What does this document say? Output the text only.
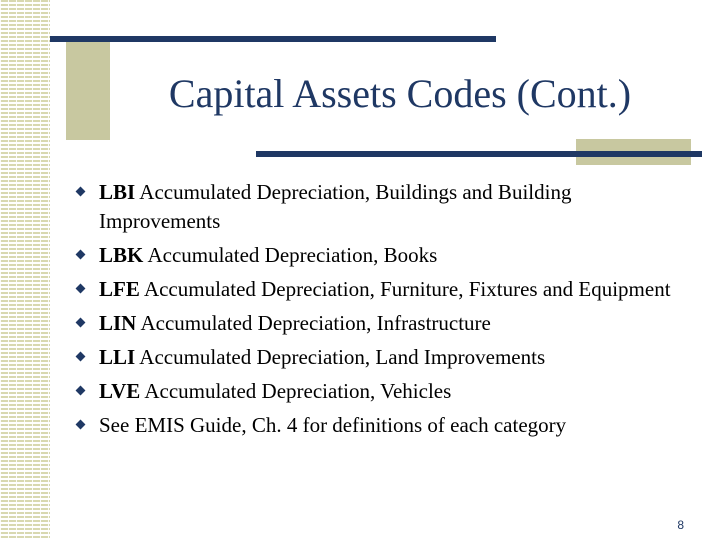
Capital Assets Codes (Cont.)
LBI Accumulated Depreciation, Buildings and Building Improvements
LBK Accumulated Depreciation, Books
LFE Accumulated Depreciation, Furniture, Fixtures and Equipment
LIN Accumulated Depreciation, Infrastructure
LLI Accumulated Depreciation, Land Improvements
LVE Accumulated Depreciation, Vehicles
See EMIS Guide, Ch. 4 for definitions of each category
8
